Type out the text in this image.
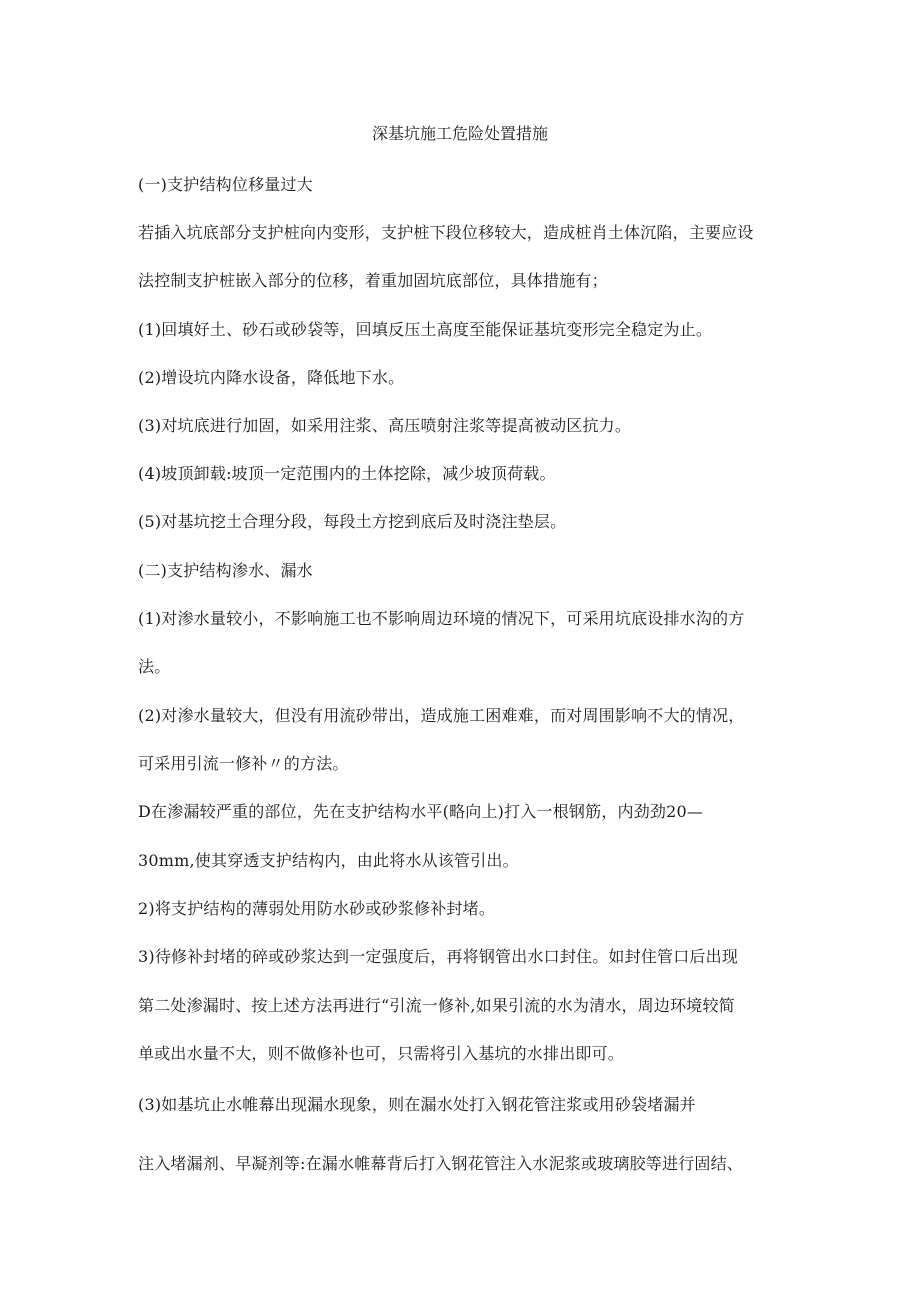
深基坑施工危险处置措施
(一)支护结构位移量过大
若插入坑底部分支护桩向内变形，支护桩下段位移较大，造成桩肖土体沉陷，主要应设
法控制支护桩嵌入部分的位移，着重加固坑底部位，具体措施有；
(1)回填好土、砂石或砂袋等，回填反压土高度至能保证基坑变形完全稳定为止。
(2)增设坑内降水设备，降低地下水。
(3)对坑底进行加固，如采用注浆、高压喷射注浆等提高被动区抗力。
(4)坡顶卸载:坡顶一定范围内的土体挖除，减少坡顶荷载。
(5)对基坑挖土合理分段，每段土方挖到底后及时浇注垫层。
(二)支护结构渗水、漏水
(1)对渗水量较小，不影响施工也不影响周边环境的情况下，可采用坑底设排水沟的方
法。
(2)对渗水量较大，但没有用流砂带出，造成施工困难难，而对周围影响不大的情况，
可采用引流一修补〃的方法。
D在渗漏较严重的部位，先在支护结构水平(略向上)打入一根钢筋，内劲劲20—
30mm,使其穿透支护结构内，由此将水从该管引出。
2)将支护结构的薄弱处用防水砂或砂浆修补封堵。
3)待修补封堵的碎或砂浆达到一定强度后，再将钢管出水口封住。如封住管口后出现
第二处渗漏时、按上述方法再进行“引流一修补,如果引流的水为清水，周边环境较简
单或出水量不大，则不做修补也可，只需将引入基坑的水排出即可。
(3)如基坑止水帷幕出现漏水现象，则在漏水处打入钢花管注浆或用砂袋堵漏并
注入堵漏剂、早凝剂等:在漏水帷幕背后打入钢花管注入水泥浆或玻璃胶等进行固结、
